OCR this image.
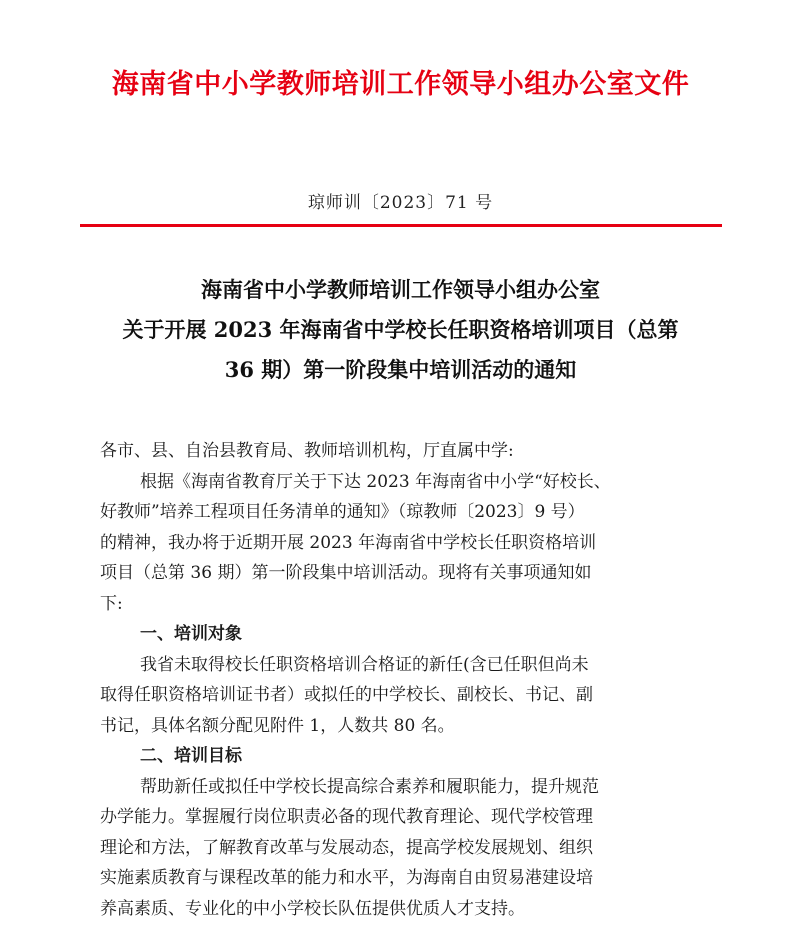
海南省中小学教师培训工作领导小组办公室文件
琼师训〔2023〕71 号
海南省中小学教师培训工作领导小组办公室
关于开展 2023 年海南省中学校长任职资格培训项目（总第
36 期）第一阶段集中培训活动的通知
各市、县、自治县教育局、教师培训机构，厅直属中学:
根据《海南省教育厅关于下达 2023 年海南省中小学“好校长、
好教师”培养工程项目任务清单的通知》（琼教师〔2023〕9 号）
的精神，我办将于近期开展 2023 年海南省中学校长任职资格培训
项目（总第 36 期）第一阶段集中培训活动。现将有关事项通知如
下:
一、培训对象
我省未取得校长任职资格培训合格证的新任(含已任职但尚未
取得任职资格培训证书者）或拟任的中学校长、副校长、书记、副
书记，具体名额分配见附件 1，人数共 80 名。
二、培训目标
帮助新任或拟任中学校长提高综合素养和履职能力，提升规范
办学能力。掌握履行岗位职责必备的现代教育理论、现代学校管理
理论和方法，了解教育改革与发展动态，提高学校发展规划、组织
实施素质教育与课程改革的能力和水平，为海南自由贸易港建设培
养高素质、专业化的中小学校长队伍提供优质人才支持。
